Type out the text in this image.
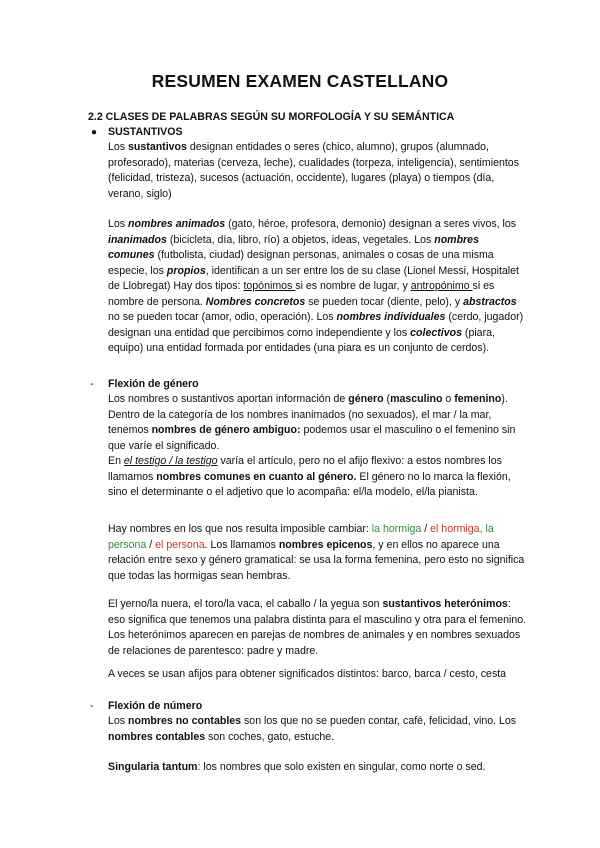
RESUMEN EXAMEN CASTELLANO
2.2 CLASES DE PALABRAS SEGÚN SU MORFOLOGÍA Y SU SEMÁNTICA
● SUSTANTIVOS

Los sustantivos designan entidades o seres (chico, alumno), grupos (alumnado, profesorado), materias (cerveza, leche), cualidades (torpeza, inteligencia), sentimientos (felicidad, tristeza), sucesos (actuación, occidente), lugares (playa) o tiempos (día, verano, siglo)

Los nombres animados (gato, héroe, profesora, demonio) designan a seres vivos, los inanimados (bicicleta, día, libro, río) a objetos, ideas, vegetales. Los nombres comunes (futbolista, ciudad) designan personas, animales o cosas de una misma especie, los propios, identifican a un ser entre los de su clase (Lionel Messi, Hospitalet de Llobregat) Hay dos tipos: topónimos si es nombre de lugar, y antropónimo si es nombre de persona. Nombres concretos se pueden tocar (diente, pelo), y abstractos no se pueden tocar (amor, odio, operación). Los nombres individuales (cerdo, jugador) designan una entidad que percibimos como independiente y los colectivos (piara, equipo) una entidad formada por entidades (una piara es un conjunto de cerdos).

- Flexión de género

Los nombres o sustantivos aportan información de género (masculino o femenino). Dentro de la categoría de los nombres inanimados (no sexuados), el mar / la mar, tenemos nombres de género ambiguo: podemos usar el masculino o el femenino sin que varíe el significado.

En el testigo / la testigo varía el artículo, pero no el afijo flexivo: a estos nombres los llamamos nombres comunes en cuanto al género. El género no lo marca la flexión, sino el determinante o el adjetivo que lo acompaña: el/la modelo, el/la pianista.

Hay nombres en los que nos resulta imposible cambiar: la hormiga / el hormiga, la persona / el persona. Los llamamos nombres epicenos, y en ellos no aparece una relación entre sexo y género gramatical: se usa la forma femenina, pero esto no significa que todas las hormigas sean hembras.

El yerno/la nuera, el toro/la vaca, el caballo / la yegua son sustantivos heterónimos: eso significa que tenemos una palabra distinta para el masculino y otra para el femenino. Los heterónimos aparecen en parejas de nombres de animales y en nombres sexuados de relaciones de parentesco: padre y madre.

A veces se usan afijos para obtener significados distintos: barco, barca / cesto, cesta
- Flexión de número

Los nombres no contables son los que no se pueden contar, café, felicidad, vino. Los nombres contables son coches, gato, estuche.

Singularia tantum: los nombres que solo existen en singular, como norte o sed.
